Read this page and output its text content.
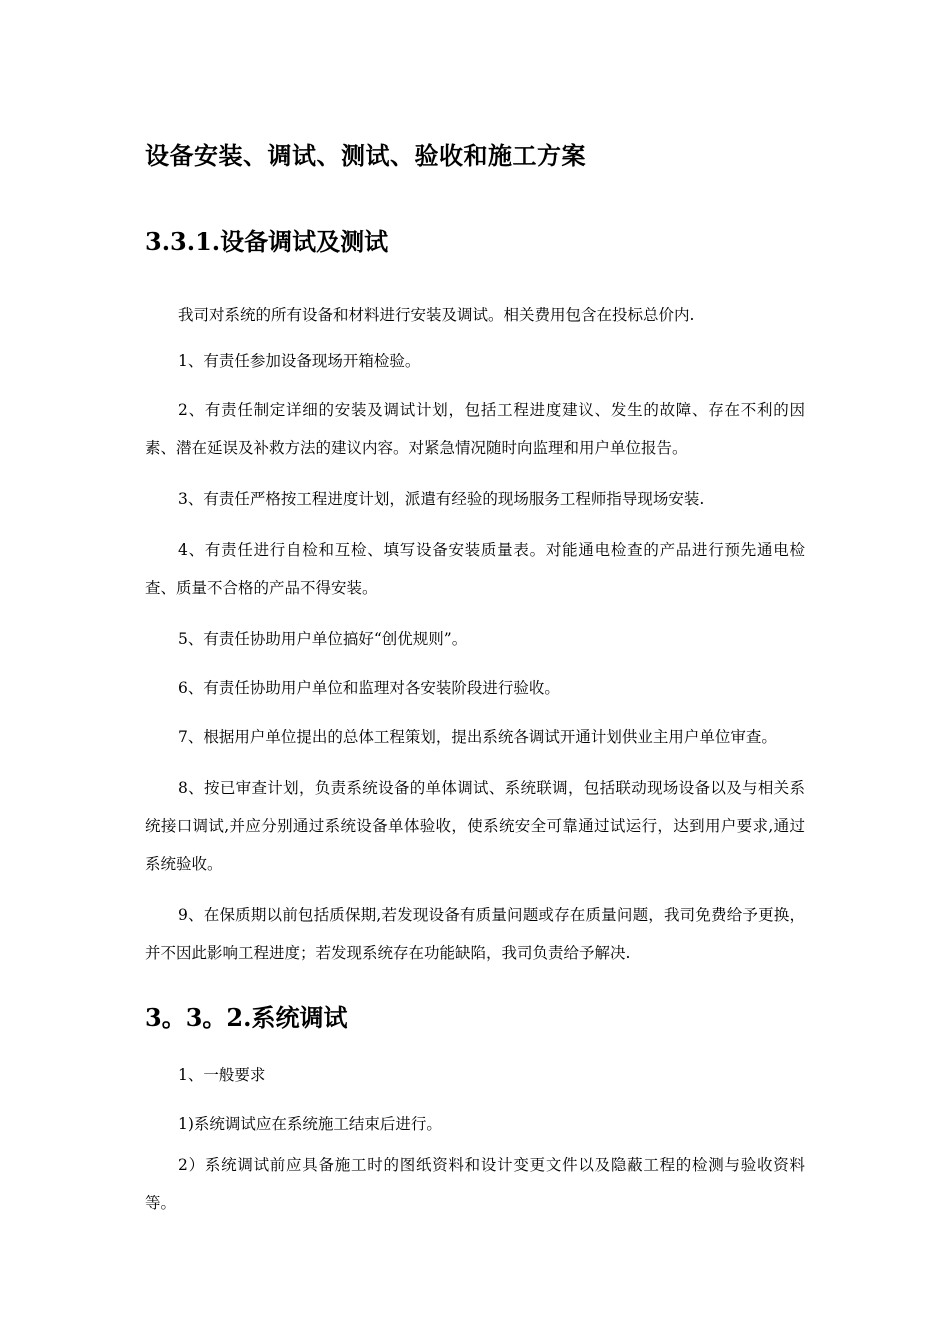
设备安装、调试、测试、验收和施工方案
3.3.1.设备调试及测试

我司对系统的所有设备和材料进行安装及调试。相关费用包含在投标总价内.

1、有责任参加设备现场开箱检验。

2、有责任制定详细的安装及调试计划，包括工程进度建议、发生的故障、存在不利的因素、潜在延误及补救方法的建议内容。对紧急情况随时向监理和用户单位报告。

3、有责任严格按工程进度计划，派遣有经验的现场服务工程师指导现场安装.

4、有责任进行自检和互检、填写设备安装质量表。对能通电检查的产品进行预先通电检查、质量不合格的产品不得安装。

5、有责任协助用户单位搞好“创优规则”。

6、有责任协助用户单位和监理对各安装阶段进行验收。

7、根据用户单位提出的总体工程策划，提出系统各调试开通计划供业主用户单位审查。

8、按已审查计划，负责系统设备的单体调试、系统联调，包括联动现场设备以及与相关系统接口调试,并应分别通过系统设备单体验收，使系统安全可靠通过试运行，达到用户要求,通过系统验收。

9、在保质期以前包括质保期,若发现设备有质量问题或存在质量问题，我司免费给予更换，并不因此影响工程进度；若发现系统存在功能缺陷，我司负责给予解决.

3。3。2.系统调试

1、一般要求

1)系统调试应在系统施工结束后进行。

2）系统调试前应具备施工时的图纸资料和设计变更文件以及隐蔽工程的检测与验收资料等。
